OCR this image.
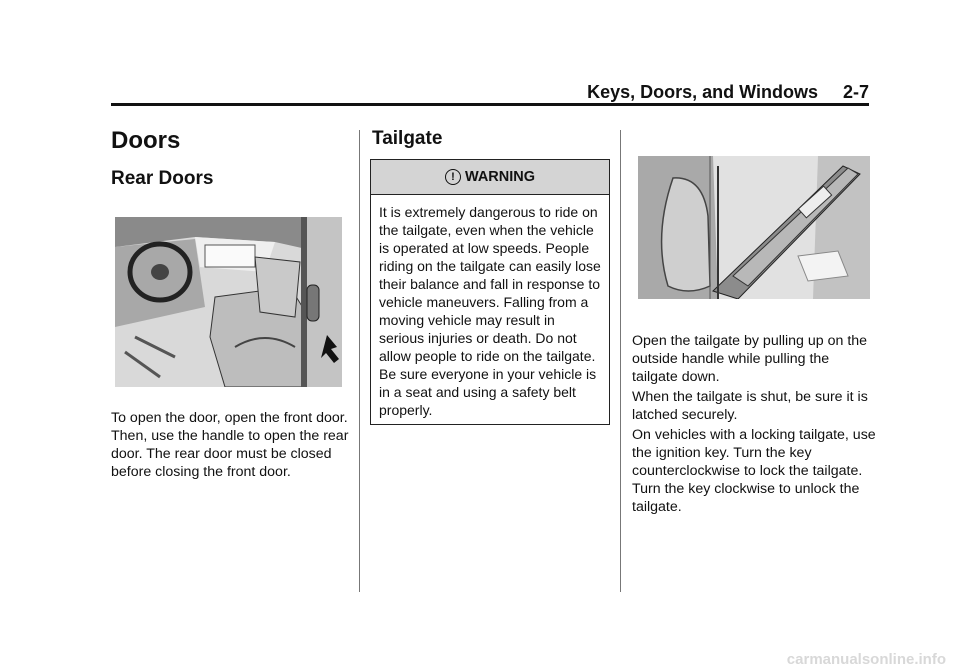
Keys, Doors, and Windows 2-7
Doors
Rear Doors

To open the door, open the front door. Then, use the handle to open the rear door. The rear door must be closed before closing the front door.

Tailgate
! WARNING

It is extremely dangerous to ride on the tailgate, even when the vehicle is operated at low speeds. People riding on the tailgate can easily lose their balance and fall in response to vehicle maneuvers. Falling from a moving vehicle may result in serious injuries or death. Do not allow people to ride on the tailgate. Be sure everyone in your vehicle is in a seat and using a safety belt properly.

Open the tailgate by pulling up on the outside handle while pulling the tailgate down.

When the tailgate is shut, be sure it is latched securely.

On vehicles with a locking tailgate, use the ignition key. Turn the key counterclockwise to lock the tailgate. Turn the key clockwise to unlock the tailgate.

carmanualsonline.info
